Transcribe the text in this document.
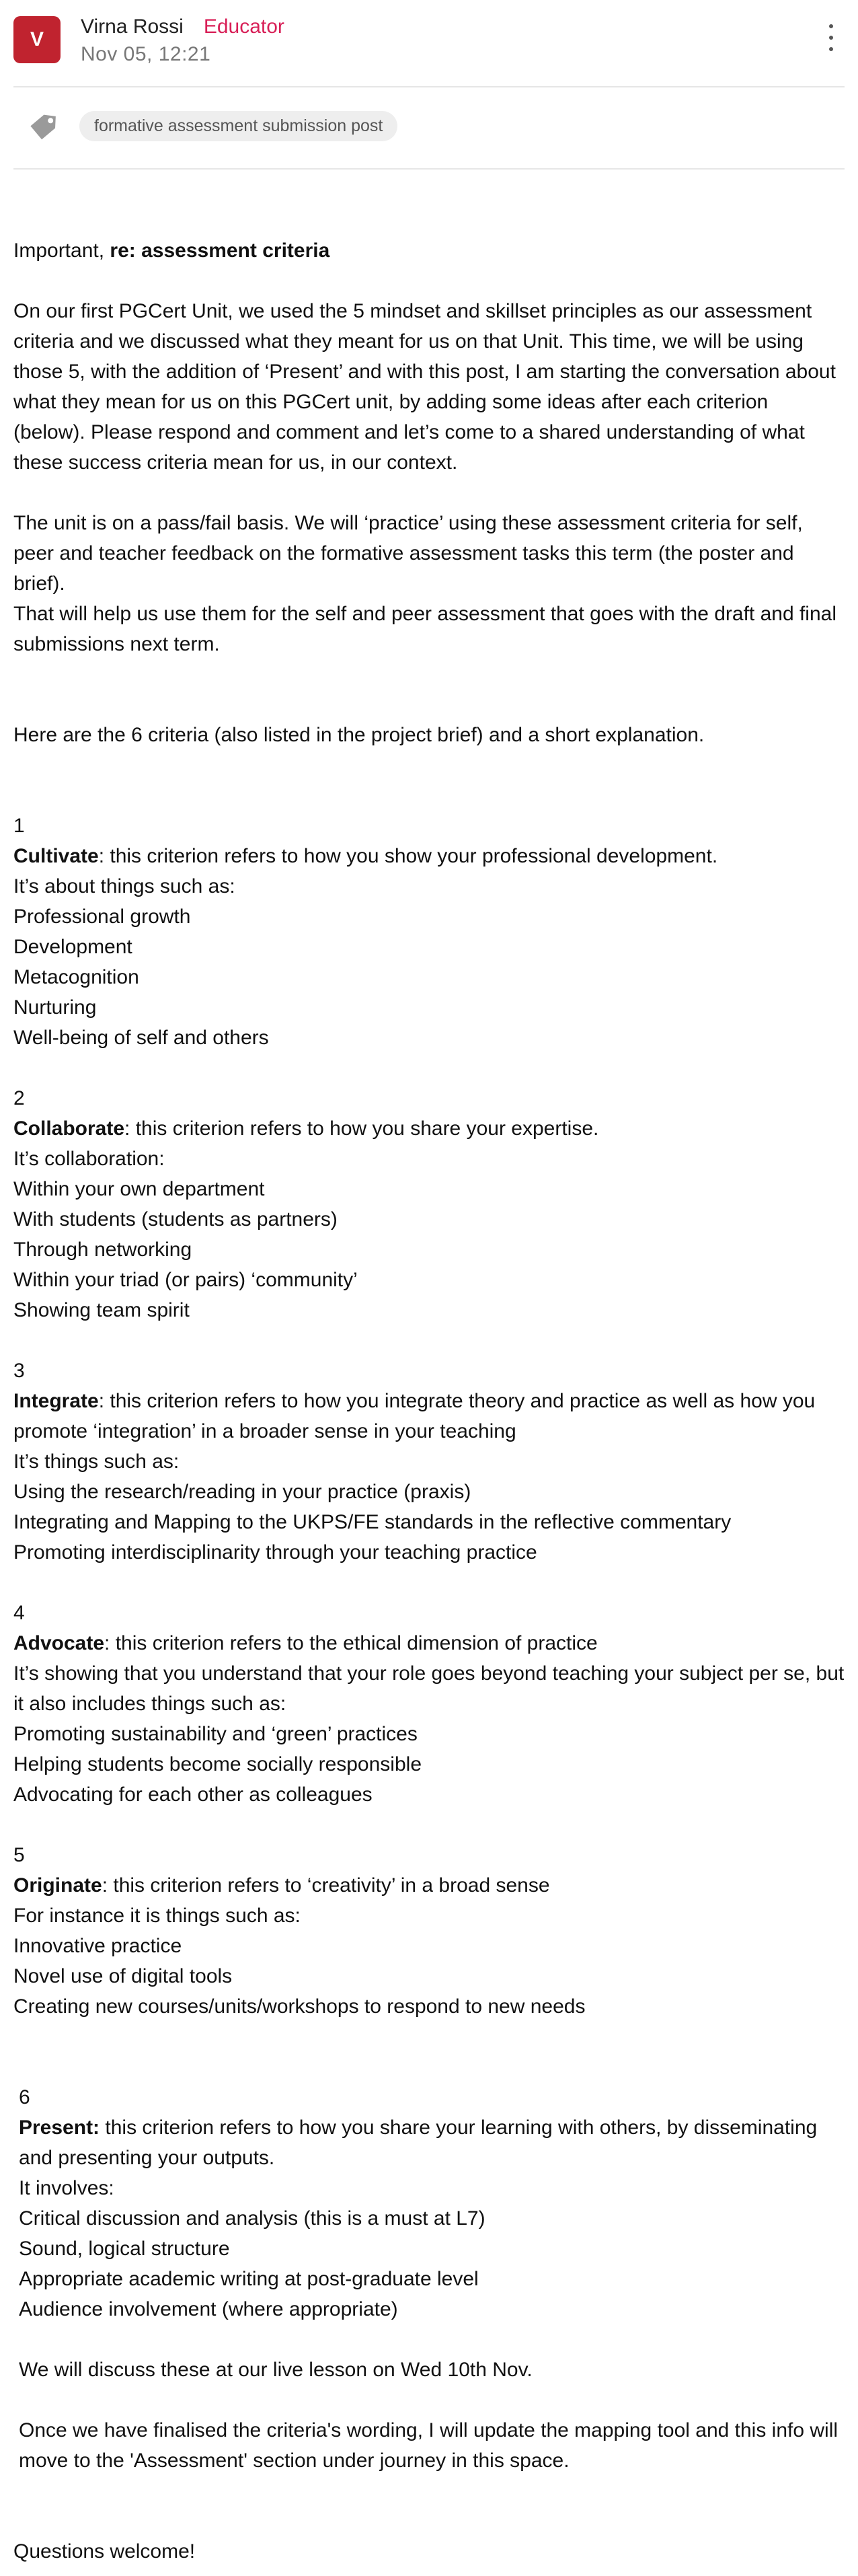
V
Virna Rossi Educator
Nov 05, 12:21
formative assessment submission post

Important, re: assessment criteria

On our first PGCert Unit, we used the 5 mindset and skillset principles as our assessment criteria and we discussed what they meant for us on that Unit. This time, we will be using those 5, with the addition of ‘Present’ and with this post, I am starting the conversation about what they mean for us on this PGCert unit, by adding some ideas after each criterion (below). Please respond and comment and let’s come to a shared understanding of what these success criteria mean for us, in our context.

The unit is on a pass/fail basis. We will ‘practice’ using these assessment criteria for self, peer and teacher feedback on the formative assessment tasks this term (the poster and brief).

That will help us use them for the self and peer assessment that goes with the draft and final submissions next term.

Here are the 6 criteria (also listed in the project brief) and a short explanation.

1

Cultivate: this criterion refers to how you show your professional development.

It’s about things such as:

Professional growth

Development

Metacognition

Nurturing

Well-being of self and others

2

Collaborate: this criterion refers to how you share your expertise.

It’s collaboration:

Within your own department

With students (students as partners)

Through networking

Within your triad (or pairs) ‘community’

Showing team spirit

3

Integrate: this criterion refers to how you integrate theory and practice as well as how you promote ‘integration’ in a broader sense in your teaching

It’s things such as:

Using the research/reading in your practice (praxis)

Integrating and Mapping to the UKPS/FE standards in the reflective commentary

Promoting interdisciplinarity through your teaching practice

4

Advocate: this criterion refers to the ethical dimension of practice

It’s showing that you understand that your role goes beyond teaching your subject per se, but it also includes things such as:

Promoting sustainability and ‘green’ practices

Helping students become socially responsible

Advocating for each other as colleagues

5

Originate: this criterion refers to ‘creativity’ in a broad sense

For instance it is things such as:

Innovative practice

Novel use of digital tools

Creating new courses/units/workshops to respond to new needs

6

Present: this criterion refers to how you share your learning with others, by disseminating and presenting your outputs.

It involves:

Critical discussion and analysis (this is a must at L7)

Sound, logical structure

Appropriate academic writing at post-graduate level

Audience involvement (where appropriate)

We will discuss these at our live lesson on Wed 10th Nov.

Once we have finalised the criteria's wording, I will update the mapping tool and this info will move to the 'Assessment' section under journey in this space.

Questions welcome!
